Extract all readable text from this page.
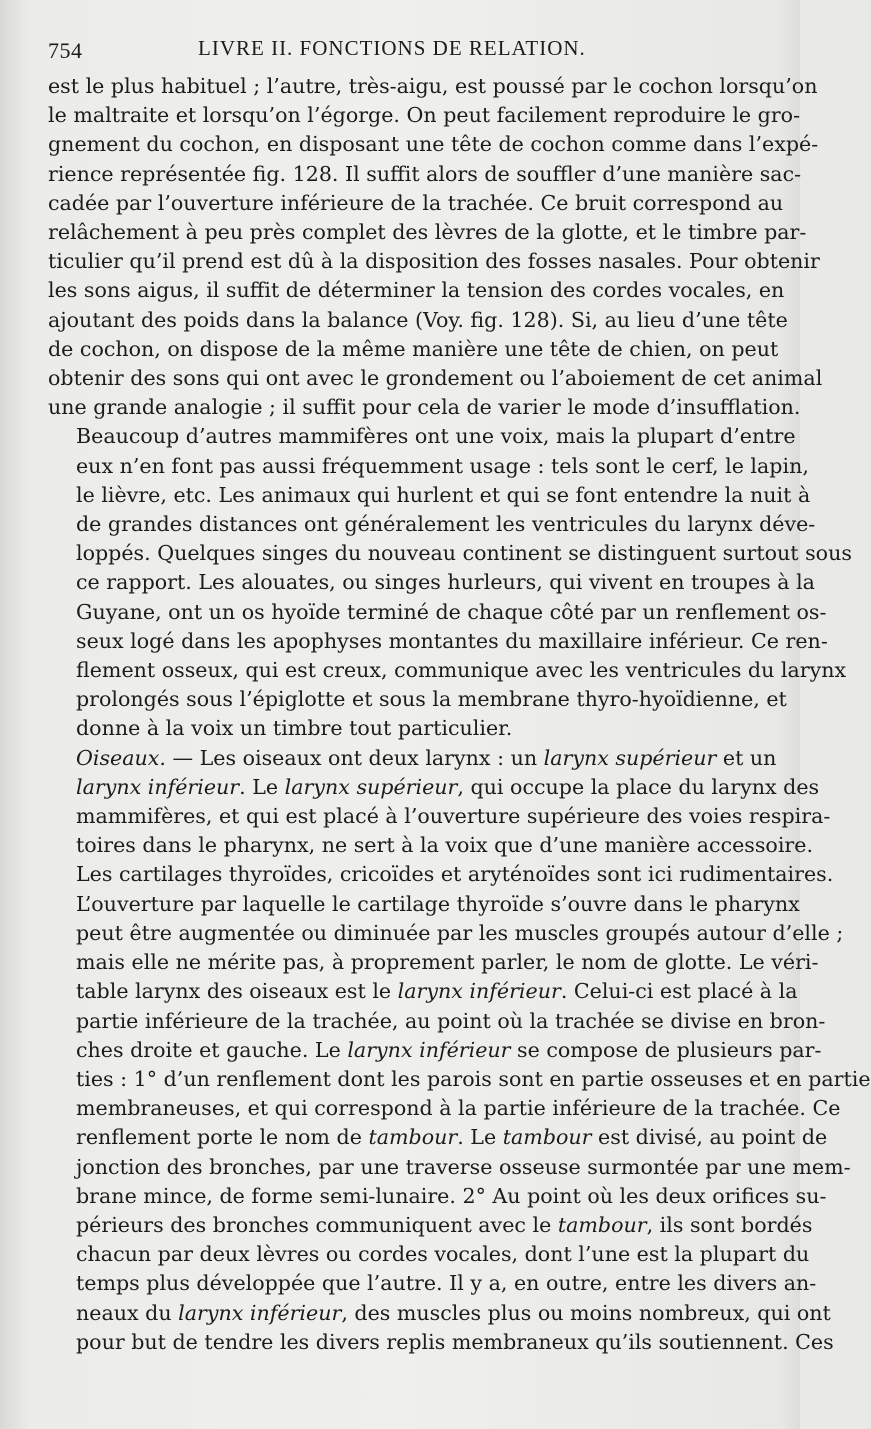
754	LIVRE II. FONCTIONS DE RELATION.

est le plus habituel ; l’autre, très-aigu, est poussé par le cochon lorsqu’on
le maltraite et lorsqu’on l’égorge. On peut facilement reproduire le gro-
gnement du cochon, en disposant une tête de cochon comme dans l’expé-
rience représentée fig. 128. Il suffit alors de souffler d’une manière sac-
cadée par l’ouverture inférieure de la trachée. Ce bruit correspond au
relâchement à peu près complet des lèvres de la glotte, et le timbre par-
ticulier qu’il prend est dû à la disposition des fosses nasales. Pour obtenir
les sons aigus, il suffit de déterminer la tension des cordes vocales, en
ajoutant des poids dans la balance (Voy. fig. 128). Si, au lieu d’une tête
de cochon, on dispose de la même manière une tête de chien, on peut
obtenir des sons qui ont avec le grondement ou l’aboiement de cet animal
une grande analogie ; il suffit pour cela de varier le mode d’insufflation.

Beaucoup d’autres mammifères ont une voix, mais la plupart d’entre
eux n’en font pas aussi fréquemment usage : tels sont le cerf, le lapin,
le lièvre, etc. Les animaux qui hurlent et qui se font entendre la nuit à
de grandes distances ont généralement les ventricules du larynx déve-
loppés. Quelques singes du nouveau continent se distinguent surtout sous
ce rapport. Les alouates, ou singes hurleurs, qui vivent en troupes à la
Guyane, ont un os hyoïde terminé de chaque côté par un renflement os-
seux logé dans les apophyses montantes du maxillaire inférieur. Ce ren-
flement osseux, qui est creux, communique avec les ventricules du larynx
prolongés sous l’épiglotte et sous la membrane thyro-hyoïdienne, et
donne à la voix un timbre tout particulier.

Oiseaux. — Les oiseaux ont deux larynx : un larynx supérieur et un
larynx inférieur. Le larynx supérieur, qui occupe la place du larynx des
mammifères, et qui est placé à l’ouverture supérieure des voies respira-
toires dans le pharynx, ne sert à la voix que d’une manière accessoire.
Les cartilages thyroïdes, cricoïdes et aryténoïdes sont ici rudimentaires.
L’ouverture par laquelle le cartilage thyroïde s’ouvre dans le pharynx
peut être augmentée ou diminuée par les muscles groupés autour d’elle ;
mais elle ne mérite pas, à proprement parler, le nom de glotte. Le véri-
table larynx des oiseaux est le larynx inférieur. Celui-ci est placé à la
partie inférieure de la trachée, au point où la trachée se divise en bron-
ches droite et gauche. Le larynx inférieur se compose de plusieurs par-
ties : 1° d’un renflement dont les parois sont en partie osseuses et en partie
membraneuses, et qui correspond à la partie inférieure de la trachée. Ce
renflement porte le nom de tambour. Le tambour est divisé, au point de
jonction des bronches, par une traverse osseuse surmontée par une mem-
brane mince, de forme semi-lunaire. 2° Au point où les deux orifices su-
périeurs des bronches communiquent avec le tambour, ils sont bordés
chacun par deux lèvres ou cordes vocales, dont l’une est la plupart du
temps plus développée que l’autre. Il y a, en outre, entre les divers an-
neaux du larynx inférieur, des muscles plus ou moins nombreux, qui ont
pour but de tendre les divers replis membraneux qu’ils soutiennent. Ces
